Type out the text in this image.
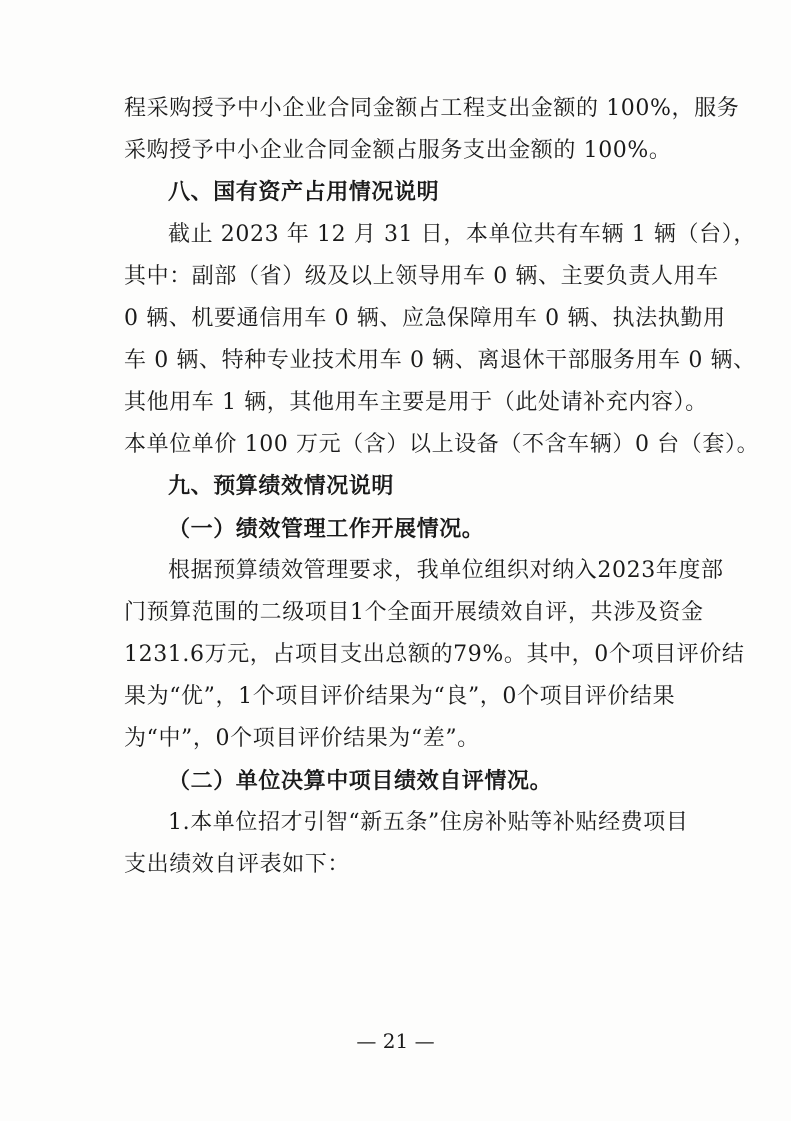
程采购授予中小企业合同金额占工程支出金额的 100%，服务
采购授予中小企业合同金额占服务支出金额的 100%。
八、国有资产占用情况说明
截止 2023 年 12 月 31 日，本单位共有车辆 1 辆（台），
其中：副部（省）级及以上领导用车 0 辆、主要负责人用车
0 辆、机要通信用车 0 辆、应急保障用车 0 辆、执法执勤用
车 0 辆、特种专业技术用车 0 辆、离退休干部服务用车 0 辆、
其他用车 1 辆，其他用车主要是用于（此处请补充内容）。
本单位单价 100 万元（含）以上设备（不含车辆）0 台（套）。
九、预算绩效情况说明
（一）绩效管理工作开展情况。
根据预算绩效管理要求，我单位组织对纳入2023年度部
门预算范围的二级项目1个全面开展绩效自评，共涉及资金
1231.6万元，占项目支出总额的79%。其中，0个项目评价结
果为“优”，1个项目评价结果为“良”，0个项目评价结果
为“中”，0个项目评价结果为“差”。
（二）单位决算中项目绩效自评情况。
1.本单位招才引智“新五条”住房补贴等补贴经费项目
支出绩效自评表如下：
— 21 —
